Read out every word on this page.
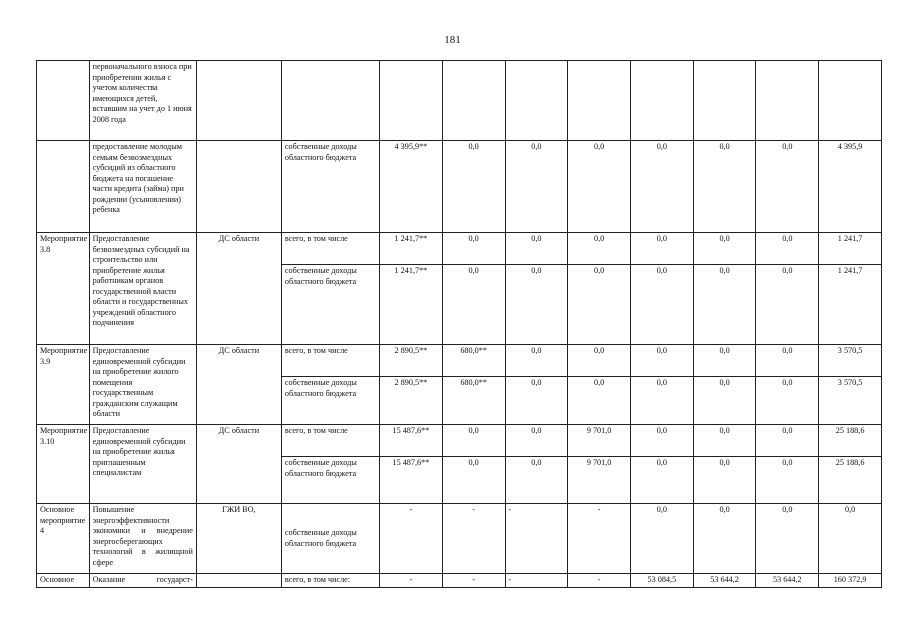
181
	первоначального взноса при приобретении жилья с учетом количества имеющихся детей, вставшим на учет до 1 июня 2008 года										
	предоставление молодым семьям безвозмездных субсидий из областного бюджета на погашение части кредита (займа) при рождении (усыновлении) ребенка		собственные доходы областного бюджета	4 395,9**	0,0	0,0	0,0	0,0	0,0	0,0	4 395,9
Мероприятие 3.8	Предоставление безвозмездных субсидий на строительство или приобретение жилья работникам органов государственной власти области и государственных учреждений областного подчинения	ДС области	всего, в том числе	1 241,7**	0,0	0,0	0,0	0,0	0,0	0,0	1 241,7
			собственные доходы областного бюджета	1 241,7**	0,0	0,0	0,0	0,0	0,0	0,0	1 241,7
Мероприятие 3.9	Предоставление единовременной субсидии на приобретение жилого помещения государственным гражданским служащим области	ДС области	всего, в том числе	2 890,5**	680,0**	0,0	0,0	0,0	0,0	0,0	3 570,5
			собственные доходы областного бюджета	2 890,5**	680,0**	0,0	0,0	0,0	0,0	0,0	3 570,5
Мероприятие 3.10	Предоставление единовременной субсидии на приобретение жилья приглашенным специалистам	ДС области	всего, в том числе	15 487,6**	0,0	0,0	9 701,0	0,0	0,0	0,0	25 188,6
			собственные доходы областного бюджета	15 487,6**	0,0	0,0	9 701,0	0,0	0,0	0,0	25 188,6
Основное мероприятие 4	Повышение энергоэффективности экономики и внедрение энергосберегающих технологий в жилищной сфере	ГЖИ ВО,	собственные доходы областного бюджета	-	-	-	-	0,0	0,0	0,0	0,0
Основное	Оказание государст-		всего, в том числе:	-	-	-	-	53 084,5	53 644,2	53 644,2	160 372,9
